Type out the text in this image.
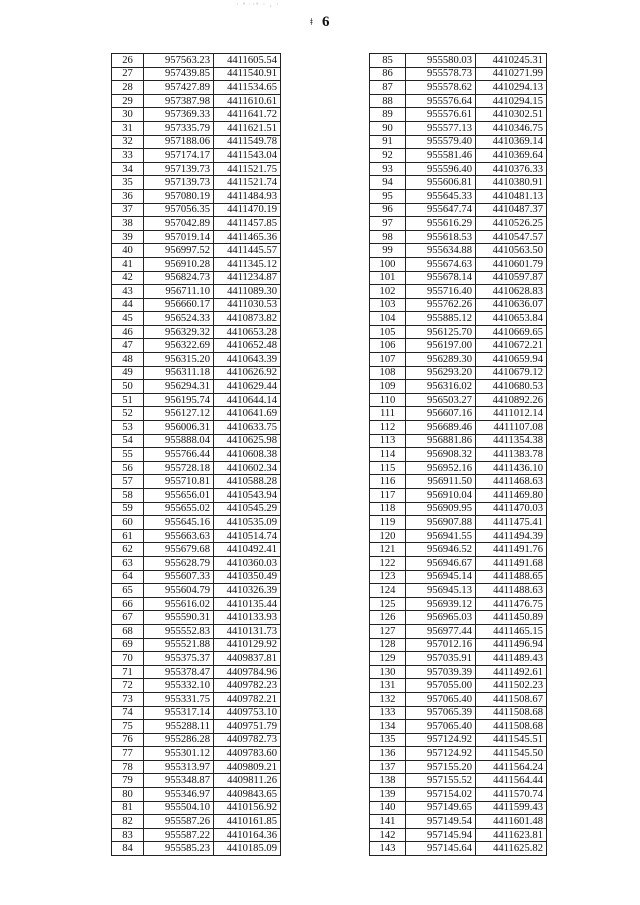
˙ ˚ ͘ ˙˚ ˙ · ˙
ǂ 6
26	957563.23	4411605.54
27	957439.85	4411540.91
28	957427.89	4411534.65
29	957387.98	4411610.61
30	957369.33	4411641.72
31	957335.79	4411621.51
32	957188.06	4411549.78
33	957174.17	4411543.04
34	957139.73	4411521.75
35	957139.73	4411521.74
36	957080.19	4411484.93
37	957056.35	4411470.19
38	957042.89	4411457.85
39	957019.14	4411465.36
40	956997.52	4411445.57
41	956910.28	4411345.12
42	956824.73	4411234.87
43	956711.10	4411089.30
44	956660.17	4411030.53
45	956524.33	4410873.82
46	956329.32	4410653.28
47	956322.69	4410652.48
48	956315.20	4410643.39
49	956311.18	4410626.92
50	956294.31	4410629.44
51	956195.74	4410644.14
52	956127.12	4410641.69
53	956006.31	4410633.75
54	955888.04	4410625.98
55	955766.44	4410608.38
56	955728.18	4410602.34
57	955710.81	4410588.28
58	955656.01	4410543.94
59	955655.02	4410545.29
60	955645.16	4410535.09
61	955663.63	4410514.74
62	955679.68	4410492.41
63	955628.79	4410360.03
64	955607.33	4410350.49
65	955604.79	4410326.39
66	955616.02	4410135.44
67	955590.31	4410133.93
68	955552.83	4410131.73
69	955521.88	4410129.92
70	955375.37	4409837.81
71	955378.47	4409784.96
72	955332.10	4409782.23
73	955331.75	4409782.21
74	955317.14	4409753.10
75	955288.11	4409751.79
76	955286.28	4409782.73
77	955301.12	4409783.60
78	955313.97	4409809.21
79	955348.87	4409811.26
80	955346.97	4409843.65
81	955504.10	4410156.92
82	955587.26	4410161.85
83	955587.22	4410164.36
84	955585.23	4410185.09
85	955580.03	4410245.31
86	955578.73	4410271.99
87	955578.62	4410294.13
88	955576.64	4410294.15
89	955576.61	4410302.51
90	955577.13	4410346.75
91	955579.40	4410369.14
92	955581.46	4410369.64
93	955596.40	4410376.33
94	955606.81	4410380.91
95	955645.33	4410481.13
96	955647.74	4410487.37
97	955616.29	4410526.25
98	955618.53	4410547.57
99	955634.88	4410563.50
100	955674.63	4410601.79
101	955678.14	4410597.87
102	955716.40	4410628.83
103	955762.26	4410636.07
104	955885.12	4410653.84
105	956125.70	4410669.65
106	956197.00	4410672.21
107	956289.30	4410659.94
108	956293.20	4410679.12
109	956316.02	4410680.53
110	956503.27	4410892.26
111	956607.16	4411012.14
112	956689.46	4411107.08
113	956881.86	4411354.38
114	956908.32	4411383.78
115	956952.16	4411436.10
116	956911.50	4411468.63
117	956910.04	4411469.80
118	956909.95	4411470.03
119	956907.88	4411475.41
120	956941.55	4411494.39
121	956946.52	4411491.76
122	956946.67	4411491.68
123	956945.14	4411488.65
124	956945.13	4411488.63
125	956939.12	4411476.75
126	956965.03	4411450.89
127	956977.44	4411465.15
128	957012.16	4411496.94
129	957035.91	4411489.43
130	957039.39	4411492.61
131	957055.00	4411502.23
132	957065.40	4411508.67
133	957065.39	4411508.68
134	957065.40	4411508.68
135	957124.92	4411545.51
136	957124.92	4411545.50
137	957155.20	4411564.24
138	957155.52	4411564.44
139	957154.02	4411570.74
140	957149.65	4411599.43
141	957149.54	4411601.48
142	957145.94	4411623.81
143	957145.64	4411625.82
